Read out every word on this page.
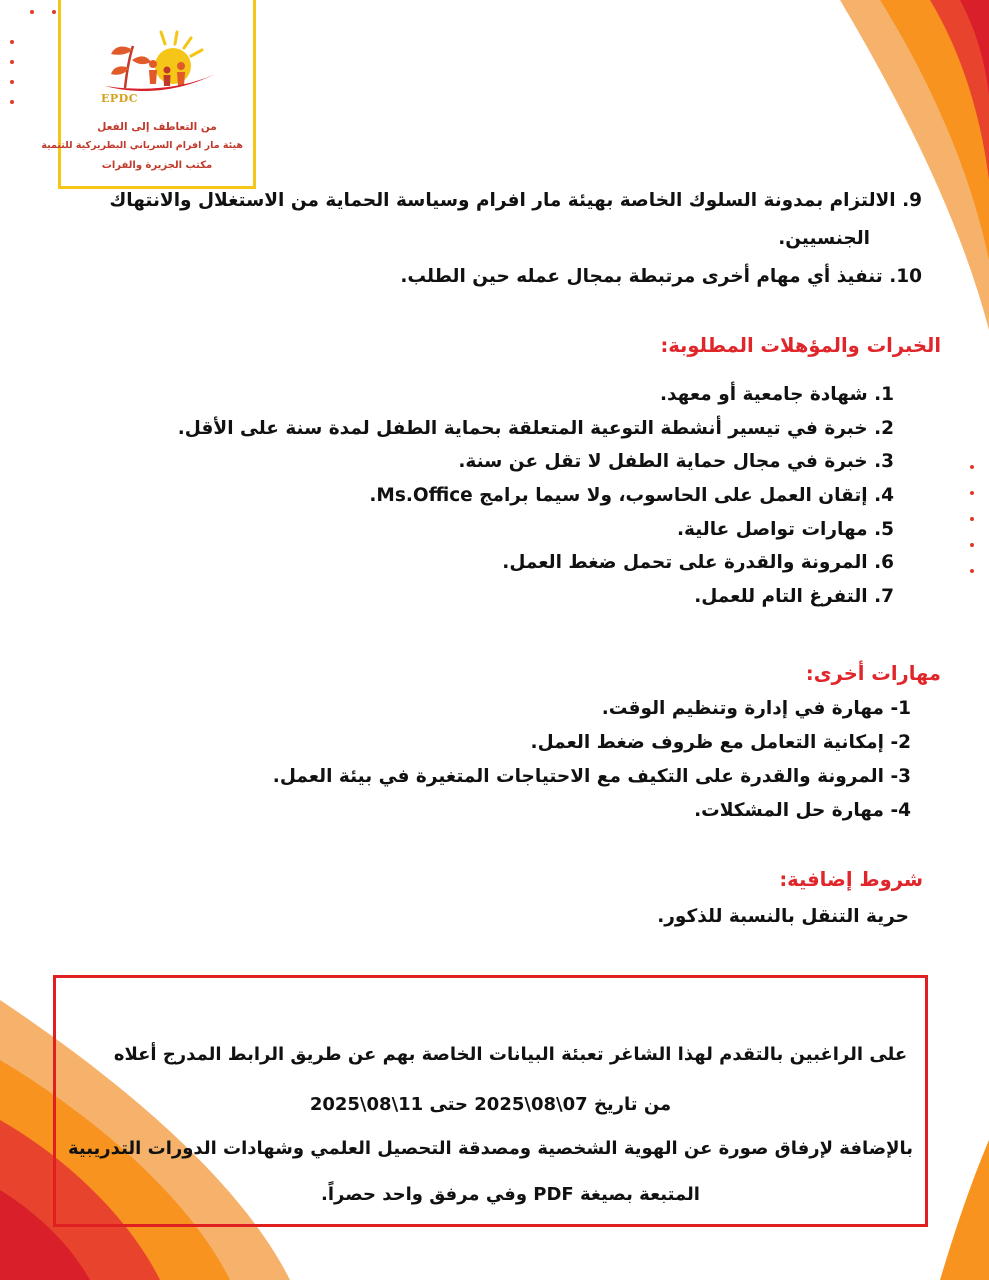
EPDC
من التعاطف إلى الفعل
هيئة مار افرام السرياني البطريركية للتنمية
مكتب الجزيرة والفرات
9. الالتزام بمدونة السلوك الخاصة بهيئة مار افرام وسياسة الحماية من الاستغلال والانتهاك
الجنسيين.
10. تنفيذ أي مهام أخرى مرتبطة بمجال عمله حين الطلب.
الخبرات والمؤهلات المطلوبة:
1. شهادة جامعية أو معهد.
2. خبرة في تيسير أنشطة التوعية المتعلقة بحماية الطفل لمدة سنة على الأقل.
3. خبرة في مجال حماية الطفل لا تقل عن سنة.
4. إتقان العمل على الحاسوب، ولا سيما برامج Ms.Office.
5. مهارات تواصل عالية.
6. المرونة والقدرة على تحمل ضغط العمل.
7. التفرغ التام للعمل.
مهارات أخرى:
1- مهارة في إدارة وتنظيم الوقت.
2- إمكانية التعامل مع ظروف ضغط العمل.
3- المرونة والقدرة على التكيف مع الاحتياجات المتغيرة في بيئة العمل.
4- مهارة حل المشكلات.
شروط إضافية:
حرية التنقل بالنسبة للذكور.
على الراغبين بالتقدم لهذا الشاغر تعبئة البيانات الخاصة بهم عن طريق الرابط المدرج أعلاه
من تاريخ 07\08\2025 حتى 11\08\2025
بالإضافة لإرفاق صورة عن الهوية الشخصية ومصدقة التحصيل العلمي وشهادات الدورات التدريبية
المتبعة بصيغة PDF وفي مرفق واحد حصراً.
